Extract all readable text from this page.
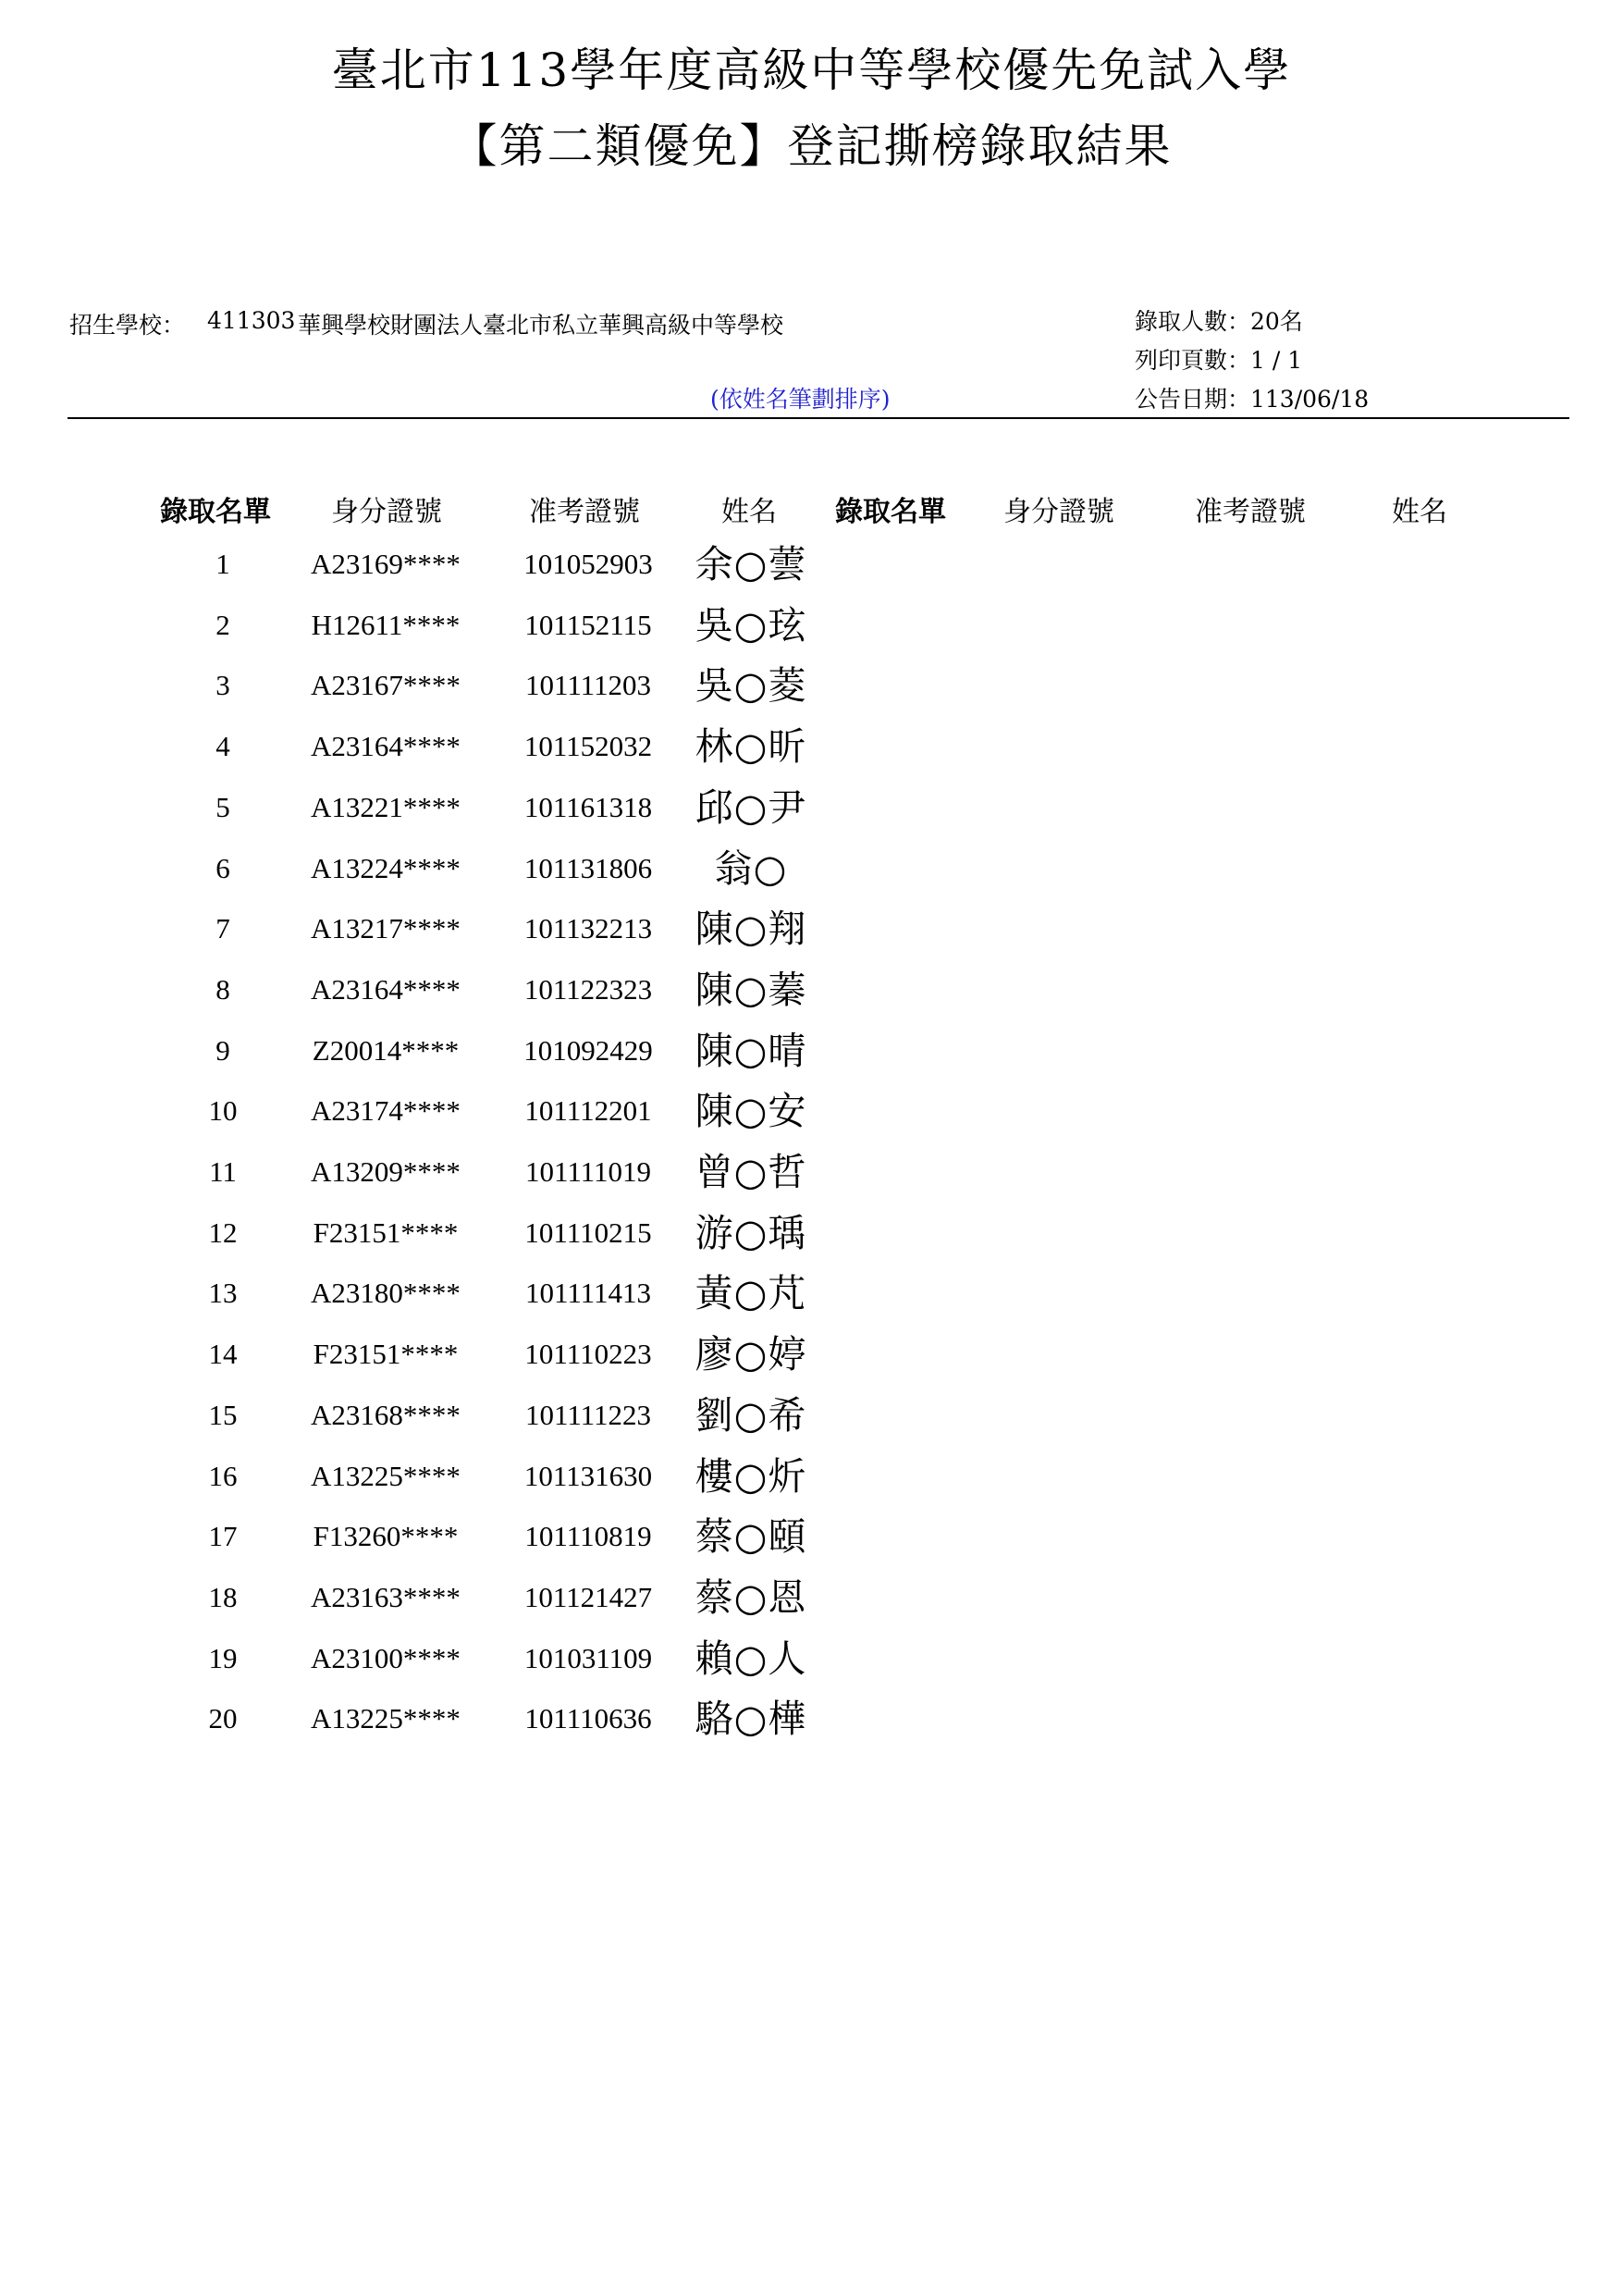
臺北市113學年度高級中等學校優先免試入學
【第二類優免】登記撕榜錄取結果
招生學校： 411303 華興學校財團法人臺北市私立華興高級中等學校	錄取人數：20名
列印頁數：1 / 1
公告日期：113/06/18
(依姓名筆劃排序)
錄取名單	身分證號	准考證號	姓名	錄取名單	身分證號	准考證號	姓名
1	A23169****	101052903	余○蕓
2	H12611****	101152115	吳○玹
3	A23167****	101111203	吳○菱
4	A23164****	101152032	林○昕
5	A13221****	101161318	邱○尹
6	A13224****	101131806	翁○
7	A13217****	101132213	陳○翔
8	A23164****	101122323	陳○蓁
9	Z20014****	101092429	陳○晴
10	A23174****	101112201	陳○安
11	A13209****	101111019	曾○哲
12	F23151****	101110215	游○瑀
13	A23180****	101111413	黃○芃
14	F23151****	101110223	廖○婷
15	A23168****	101111223	劉○希
16	A13225****	101131630	樓○炘
17	F13260****	101110819	蔡○頤
18	A23163****	101121427	蔡○恩
19	A23100****	101031109	賴○人
20	A13225****	101110636	駱○樺
